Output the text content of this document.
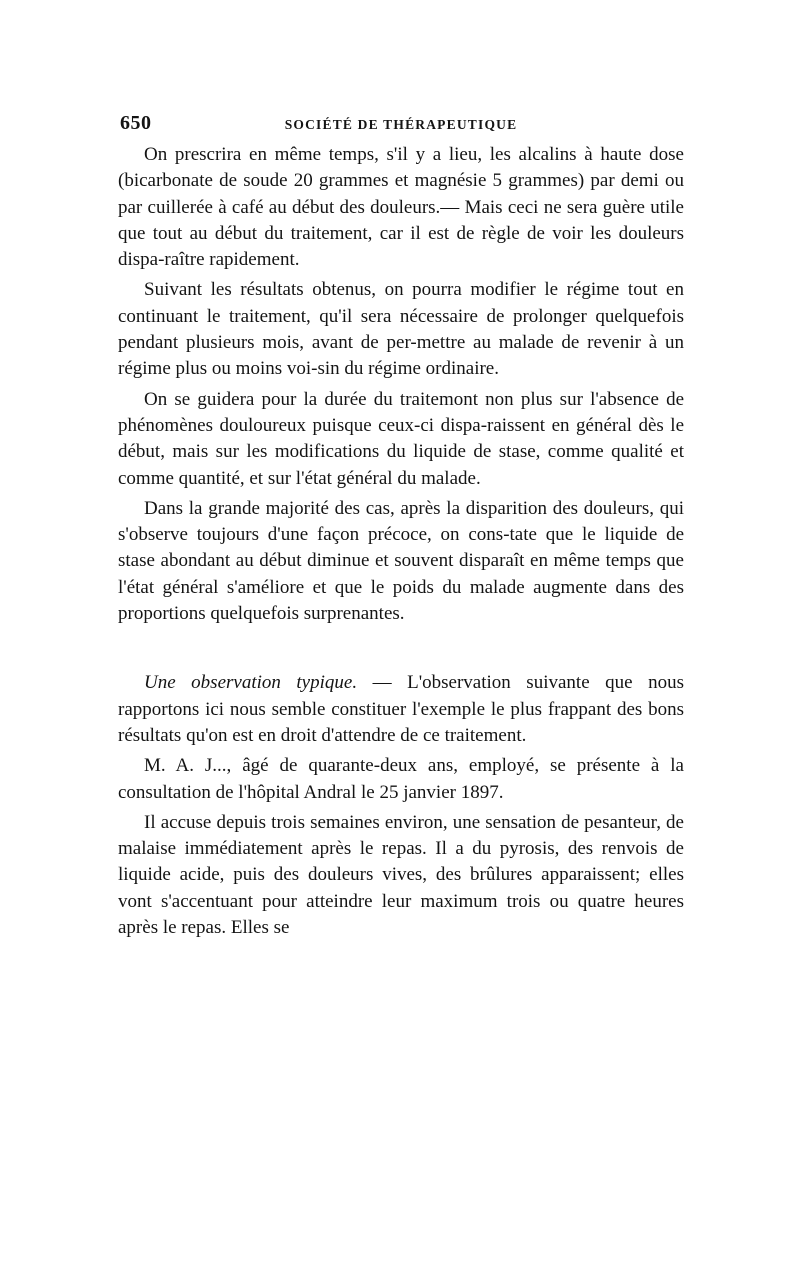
650	SOCIÉTÉ DE THÉRAPEUTIQUE

On prescrira en même temps, s'il y a lieu, les alcalins à haute dose (bicarbonate de soude 20 grammes et magnésie 5 grammes) par demi ou par cuillerée à café au début des douleurs.— Mais ceci ne sera guère utile que tout au début du traitement, car il est de règle de voir les douleurs dispa-raître rapidement.

Suivant les résultats obtenus, on pourra modifier le régime tout en continuant le traitement, qu'il sera nécessaire de prolonger quelquefois pendant plusieurs mois, avant de per-mettre au malade de revenir à un régime plus ou moins voi-sin du régime ordinaire.

On se guidera pour la durée du traitemont non plus sur l'absence de phénomènes douloureux puisque ceux-ci dispa-raissent en général dès le début, mais sur les modifications du liquide de stase, comme qualité et comme quantité, et sur l'état général du malade.

Dans la grande majorité des cas, après la disparition des douleurs, qui s'observe toujours d'une façon précoce, on cons-tate que le liquide de stase abondant au début diminue et souvent disparaît en même temps que l'état général s'améliore et que le poids du malade augmente dans des proportions quelquefois surprenantes.

Une observation typique. — L'observation suivante que nous rapportons ici nous semble constituer l'exemple le plus frappant des bons résultats qu'on est en droit d'attendre de ce traitement.

M. A. J..., âgé de quarante-deux ans, employé, se présente à la consultation de l'hôpital Andral le 25 janvier 1897.

Il accuse depuis trois semaines environ, une sensation de pesanteur, de malaise immédiatement après le repas. Il a du pyrosis, des renvois de liquide acide, puis des douleurs vives, des brûlures apparaissent; elles vont s'accentuant pour atteindre leur maximum trois ou quatre heures après le repas. Elles se
